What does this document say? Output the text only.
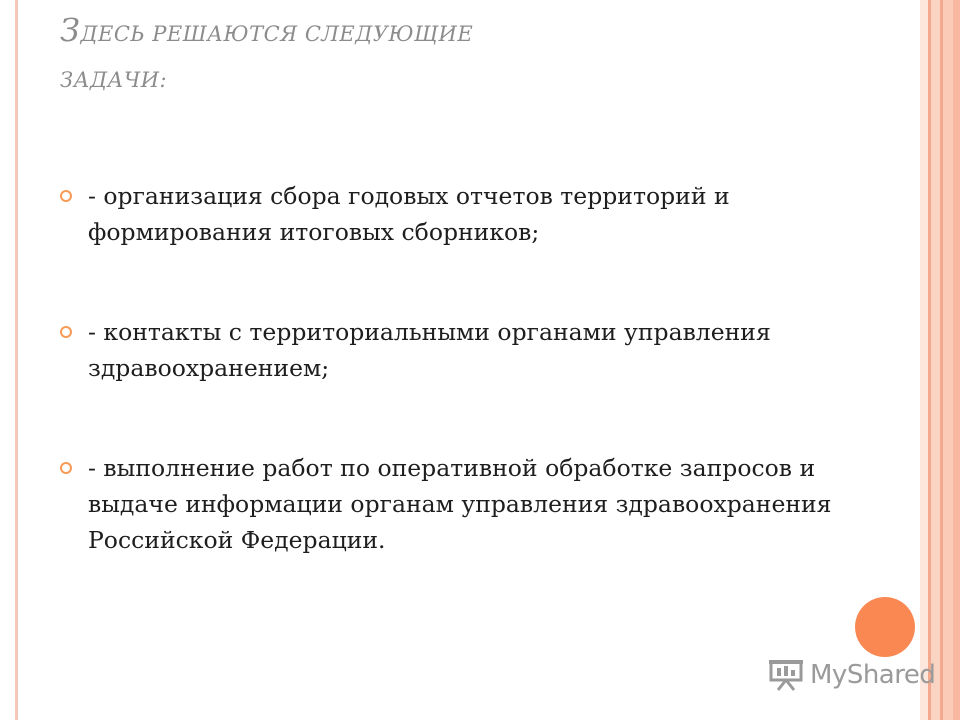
ЗДЕСЬ РЕШАЮТСЯ СЛЕДУЮЩИЕ
ЗАДАЧИ:
- организация сбора годовых отчетов территорий и формирования итоговых сборников;
- контакты с территориальными органами управления здравоохранением;
- выполнение работ по оперативной обработке запросов и выдаче информации органам управления здравоохранения Российской Федерации.
MyShared
